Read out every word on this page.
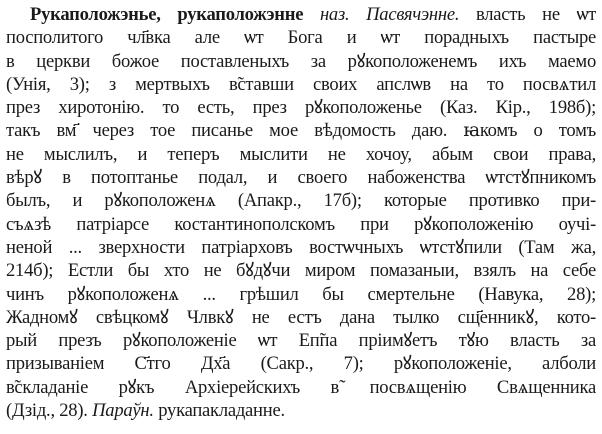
Рукаположэнье, рукаположэнне наз. Пасвячэнне. власть не ѡт
посполитого чл҃вка але ѡт Бога и ѡт порадныхъ пастыре̃
в церкви божое поставленыхъ за рꙋкоположенемъ ихъ маемо
(Унія, 3); з мертвыхъ в̃ставши своих апслѡв на то посвѧтил
през хиротонію. то есть, през рꙋкоположенье (Каз. Кір., 198б);
такъ вм҃ через тое писанье мое вѣдомость даю. ꙗкомъ о томъ
не мыслилъ, и теперъ мыслити не хочоу, абым свои права,
вѣрꙋ в потоптанье подал, и своего набоженства ѡтстꙋпникомъ
былъ, и рꙋкоположенѧ (Апакр., 17б); которые противко при-
съѧзѣ патріарсе костантинополскомъ при рꙋкоположенію оучі-
неной ... зверхности патріарховъ востѡчныхъ ѡтстꙋпили (Там жа,
214б); Естли бы хто не бꙋдꙋчи миром помазаныи, взялъ на себе
чинъ рꙋкоположенѧ ... грѣшил бы смертельне (Навука, 28);
Жадномꙋ свѣцкомꙋ Члвкꙋ не естъ дана тылко сщ҃енникꙋ, кото-
рый презъ рꙋкоположеніе ѡт Еп̃па пріимꙋетъ тꙋю власть за
призываніем С҃тго Дх҃а (Сакр., 7); рꙋкоположеніе, алболи
в̃складаніе рꙋкъ Архіерейскихъ в̃ посвѧщенію Свѧщенника
(Дзід., 28). Параўн. рукапакладанне.
